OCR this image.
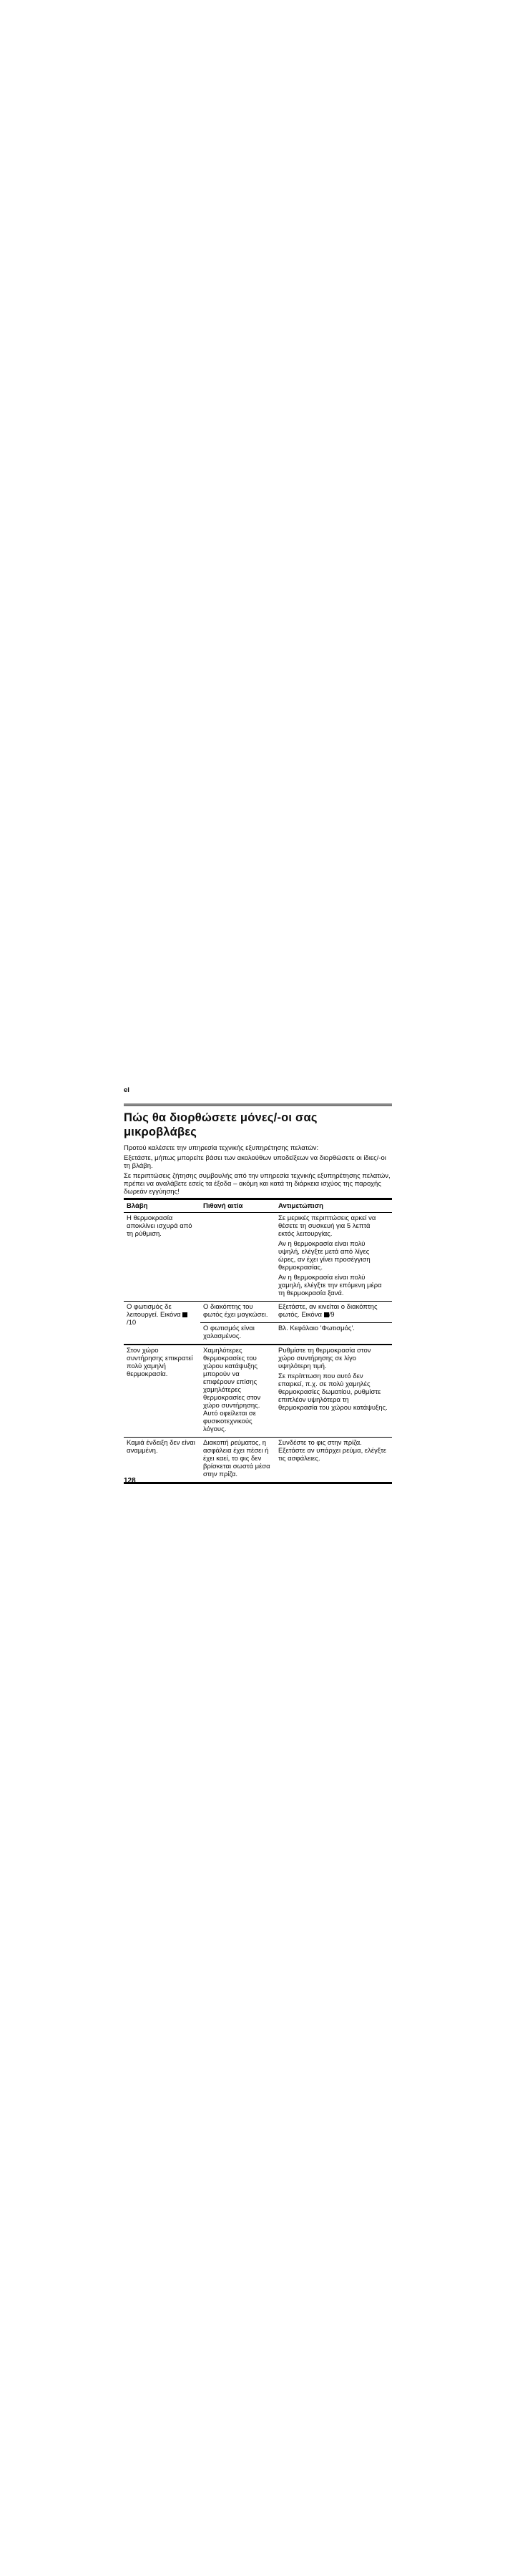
el
Πώς θα διορθώσετε μόνες/-οι σας μικροβλάβες

Προτού καλέσετε την υπηρεσία τεχνικής εξυπηρέτησης πελατών:

Εξετάστε, μήπως μπορείτε βάσει των ακολούθων υποδείξεων να διορθώσετε οι ίδιες/-οι τη βλάβη.

Σε περιπτώσεις ζήτησης συμβουλής από την υπηρεσία τεχνικής εξυπηρέτησης πελατών, πρέπει να αναλάβετε εσείς τα έξοδα – ακόμη και κατά τη διάρκεια ισχύος της παροχής δωρεάν εγγύησης!

Βλάβη	Πιθανή αιτία	Αντιμετώπιση
Η θερμοκρασία αποκλίνει ισχυρά από τη ρύθμιση.

Σε μερικές περιπτώσεις αρκεί να θέσετε τη συσκευή για 5 λεπτά εκτός λειτουργίας.

Αν η θερμοκρασία είναι πολύ υψηλή, ελέγξτε μετά από λίγες ώρες, αν έχει γίνει προσέγγιση θερμοκρασίας.

Αν η θερμοκρασία είναι πολύ χαμηλή, ελέγξτε την επόμενη μέρα τη θερμοκρασία ξανά.

Ο φωτισμός δε λειτουργεί. Εικόνα /10
Ο διακόπτης του φωτός έχει μαγκώσει.
Εξετάστε, αν κινείται ο διακόπτης φωτός. Εικόνα /9
Ο φωτισμός είναι χαλασμένος.
Βλ. Κεφάλαιο 'Φωτισμός'.
Στον χώρο συντήρησης επικρατεί πολύ χαμηλή θερμοκρασία.
Χαμηλότερες θερμοκρασίες του χώρου κατάψυξης μπορούν να επιφέρουν επίσης χαμηλότερες θερμοκρασίες στον χώρο συντήρησης. Αυτό οφείλεται σε φυσικοτεχνικούς λόγους.

Ρυθμίστε τη θερμοκρασία στον χώρο συντήρησης σε λίγο υψηλότερη τιμή.

Σε περίπτωση που αυτό δεν επαρκεί, π.χ. σε πολύ χαμηλές θερμοκρασίες δωματίου, ρυθμίστε επιπλέον υψηλότερα τη θερμοκρασία του χώρου κατάψυξης.

Καμιά ένδειξη δεν είναι αναμμένη.
Διακοπή ρεύματος, η ασφάλεια έχει πέσει ή έχει καεί, το φις δεν βρίσκεται σωστά μέσα στην πρίζα.
Συνδέστε το φις στην πρίζα. Εξετάστε αν υπάρχει ρεύμα, ελέγξτε τις ασφάλειες.
128
